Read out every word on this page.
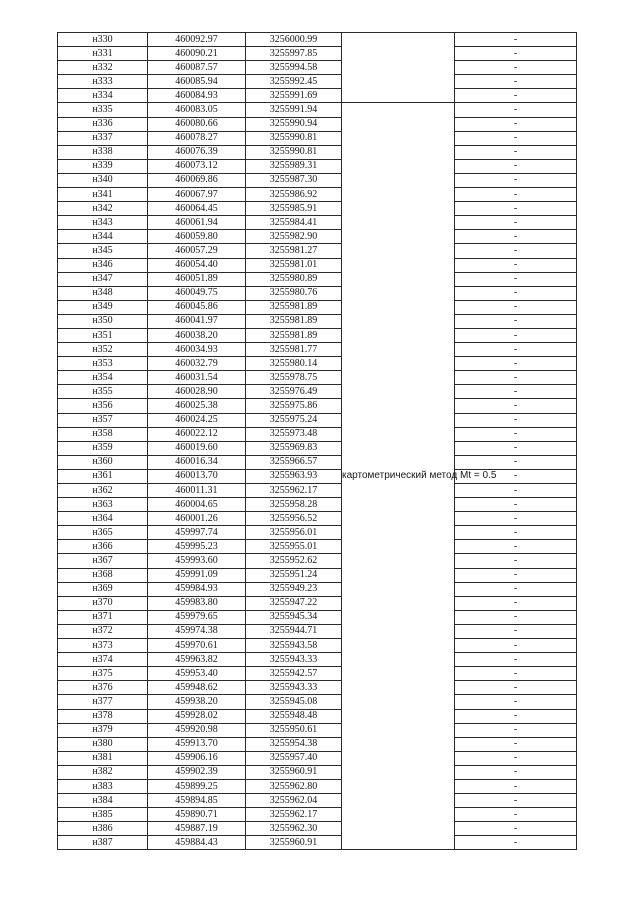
н330	460092.97	3256000.99		-
н331	460090.21	3255997.85		-
н332	460087.57	3255994.58		-
н333	460085.94	3255992.45		-
н334	460084.93	3255991.69		-
н335	460083.05	3255991.94	картометрический метод Mt = 0.5	-
н336	460080.66	3255990.94		-
н337	460078.27	3255990.81		-
н338	460076.39	3255990.81		-
н339	460073.12	3255989.31		-
н340	460069.86	3255987.30		-
н341	460067.97	3255986.92		-
н342	460064.45	3255985.91		-
н343	460061.94	3255984.41		-
н344	460059.80	3255982.90		-
н345	460057.29	3255981.27		-
н346	460054.40	3255981.01		-
н347	460051.89	3255980.89		-
н348	460049.75	3255980.76		-
н349	460045.86	3255981.89		-
н350	460041.97	3255981.89		-
н351	460038.20	3255981.89		-
н352	460034.93	3255981.77		-
н353	460032.79	3255980.14		-
н354	460031.54	3255978.75		-
н355	460028.90	3255976.49		-
н356	460025.38	3255975.86		-
н357	460024.25	3255975.24		-
н358	460022.12	3255973.48		-
н359	460019.60	3255969.83		-
н360	460016.34	3255966.57		-
н361	460013.70	3255963.93		-
н362	460011.31	3255962.17		-
н363	460004.65	3255958.28		-
н364	460001.26	3255956.52		-
н365	459997.74	3255956.01		-
н366	459995.23	3255955.01		-
н367	459993.60	3255952.62		-
н368	459991.09	3255951.24		-
н369	459984.93	3255949.23		-
н370	459983.80	3255947.22		-
н371	459979.65	3255945.34		-
н372	459974.38	3255944.71		-
н373	459970.61	3255943.58		-
н374	459963.82	3255943.33		-
н375	459953.40	3255942.57		-
н376	459948.62	3255943.33		-
н377	459938.20	3255945.08		-
н378	459928.02	3255948.48		-
н379	459920.98	3255950.61		-
н380	459913.70	3255954.38		-
н381	459906.16	3255957.40		-
н382	459902.39	3255960.91		-
н383	459899.25	3255962.80		-
н384	459894.85	3255962.04		-
н385	459890.71	3255962.17		-
н386	459887.19	3255962.30		-
н387	459884.43	3255960.91		-
